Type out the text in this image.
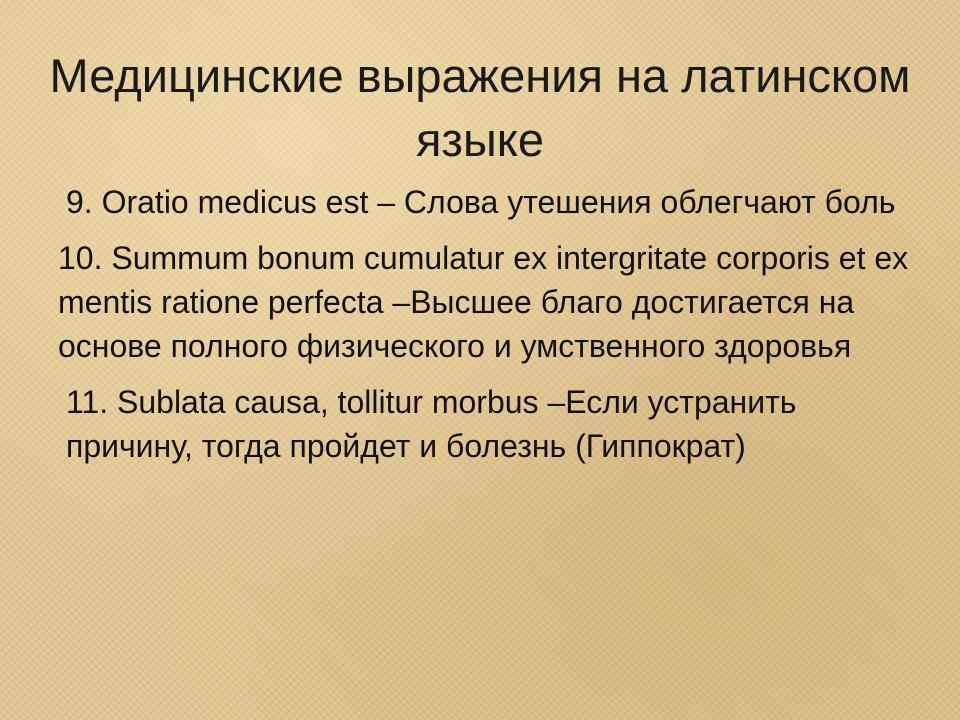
Медицинские выражения на латинском языке

9. Oratio medicus est – Слова утешения облегчают боль

10. Summum bonum cumulatur ex intergritate corporis et ex mentis ratione perfecta –Высшее благо достигается на основе полного физического и умственного здоровья

11. Sublata causa, tollitur morbus –Если устранить причину, тогда пройдет и болезнь (Гиппократ)
